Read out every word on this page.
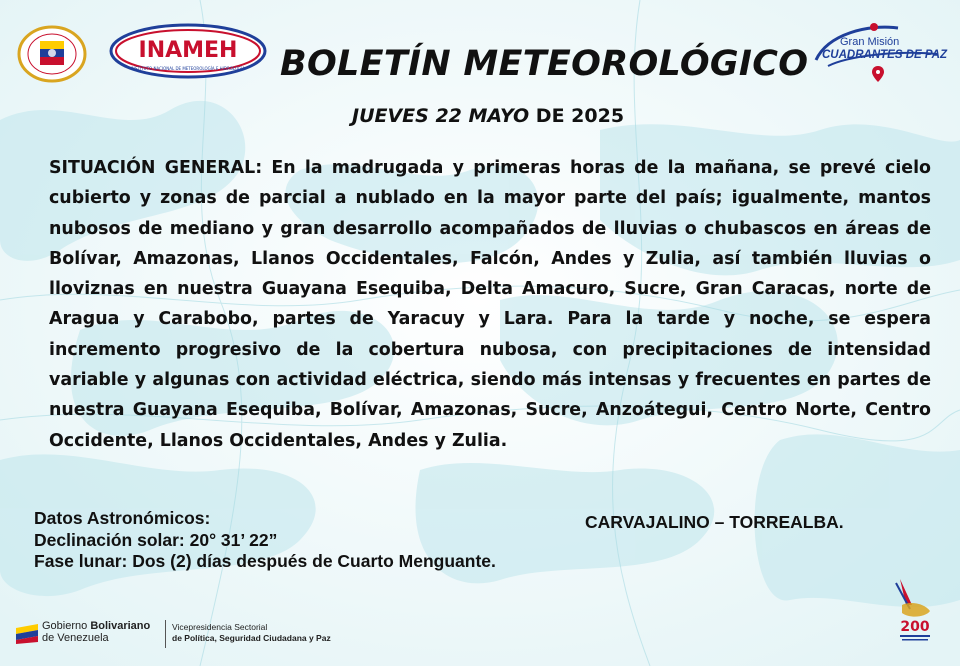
INAMEH
INSTITUTO NACIONAL DE METEOROLOGÍA E HIDROLOGÍA BOLETÍN METEOROLÓGICO
Gran Misión
CUADRANTES DE PAZ
JUEVES 22 MAYO DE 2025
SITUACIÓN GENERAL: En la madrugada y primeras horas de la mañana, se prevé cielo cubierto y zonas de parcial a nublado en la mayor parte del país; igualmente, mantos nubosos de mediano y gran desarrollo acompañados de lluvias o chubascos en áreas de Bolívar, Amazonas, Llanos Occidentales, Falcón, Andes y Zulia, así también lluvias o lloviznas en nuestra Guayana Esequiba, Delta Amacuro, Sucre, Gran Caracas, norte de Aragua y Carabobo, partes de Yaracuy y Lara. Para la tarde y noche, se espera incremento progresivo de la cobertura nubosa, con precipitaciones de intensidad variable y algunas con actividad eléctrica, siendo más intensas y frecuentes en partes de nuestra Guayana Esequiba, Bolívar, Amazonas, Sucre, Anzoátegui, Centro Norte, Centro Occidente, Llanos Occidentales, Andes y Zulia.
Datos Astronómicos:
Declinación solar: 20° 31’ 22”
Fase lunar: Dos (2) días después de Cuarto Menguante.
CARVAJALINO – TORREALBA.
Gobierno Bolivariano
de Venezuela
Vicepresidencia Sectorial
de Política, Seguridad Ciudadana y Paz
200
